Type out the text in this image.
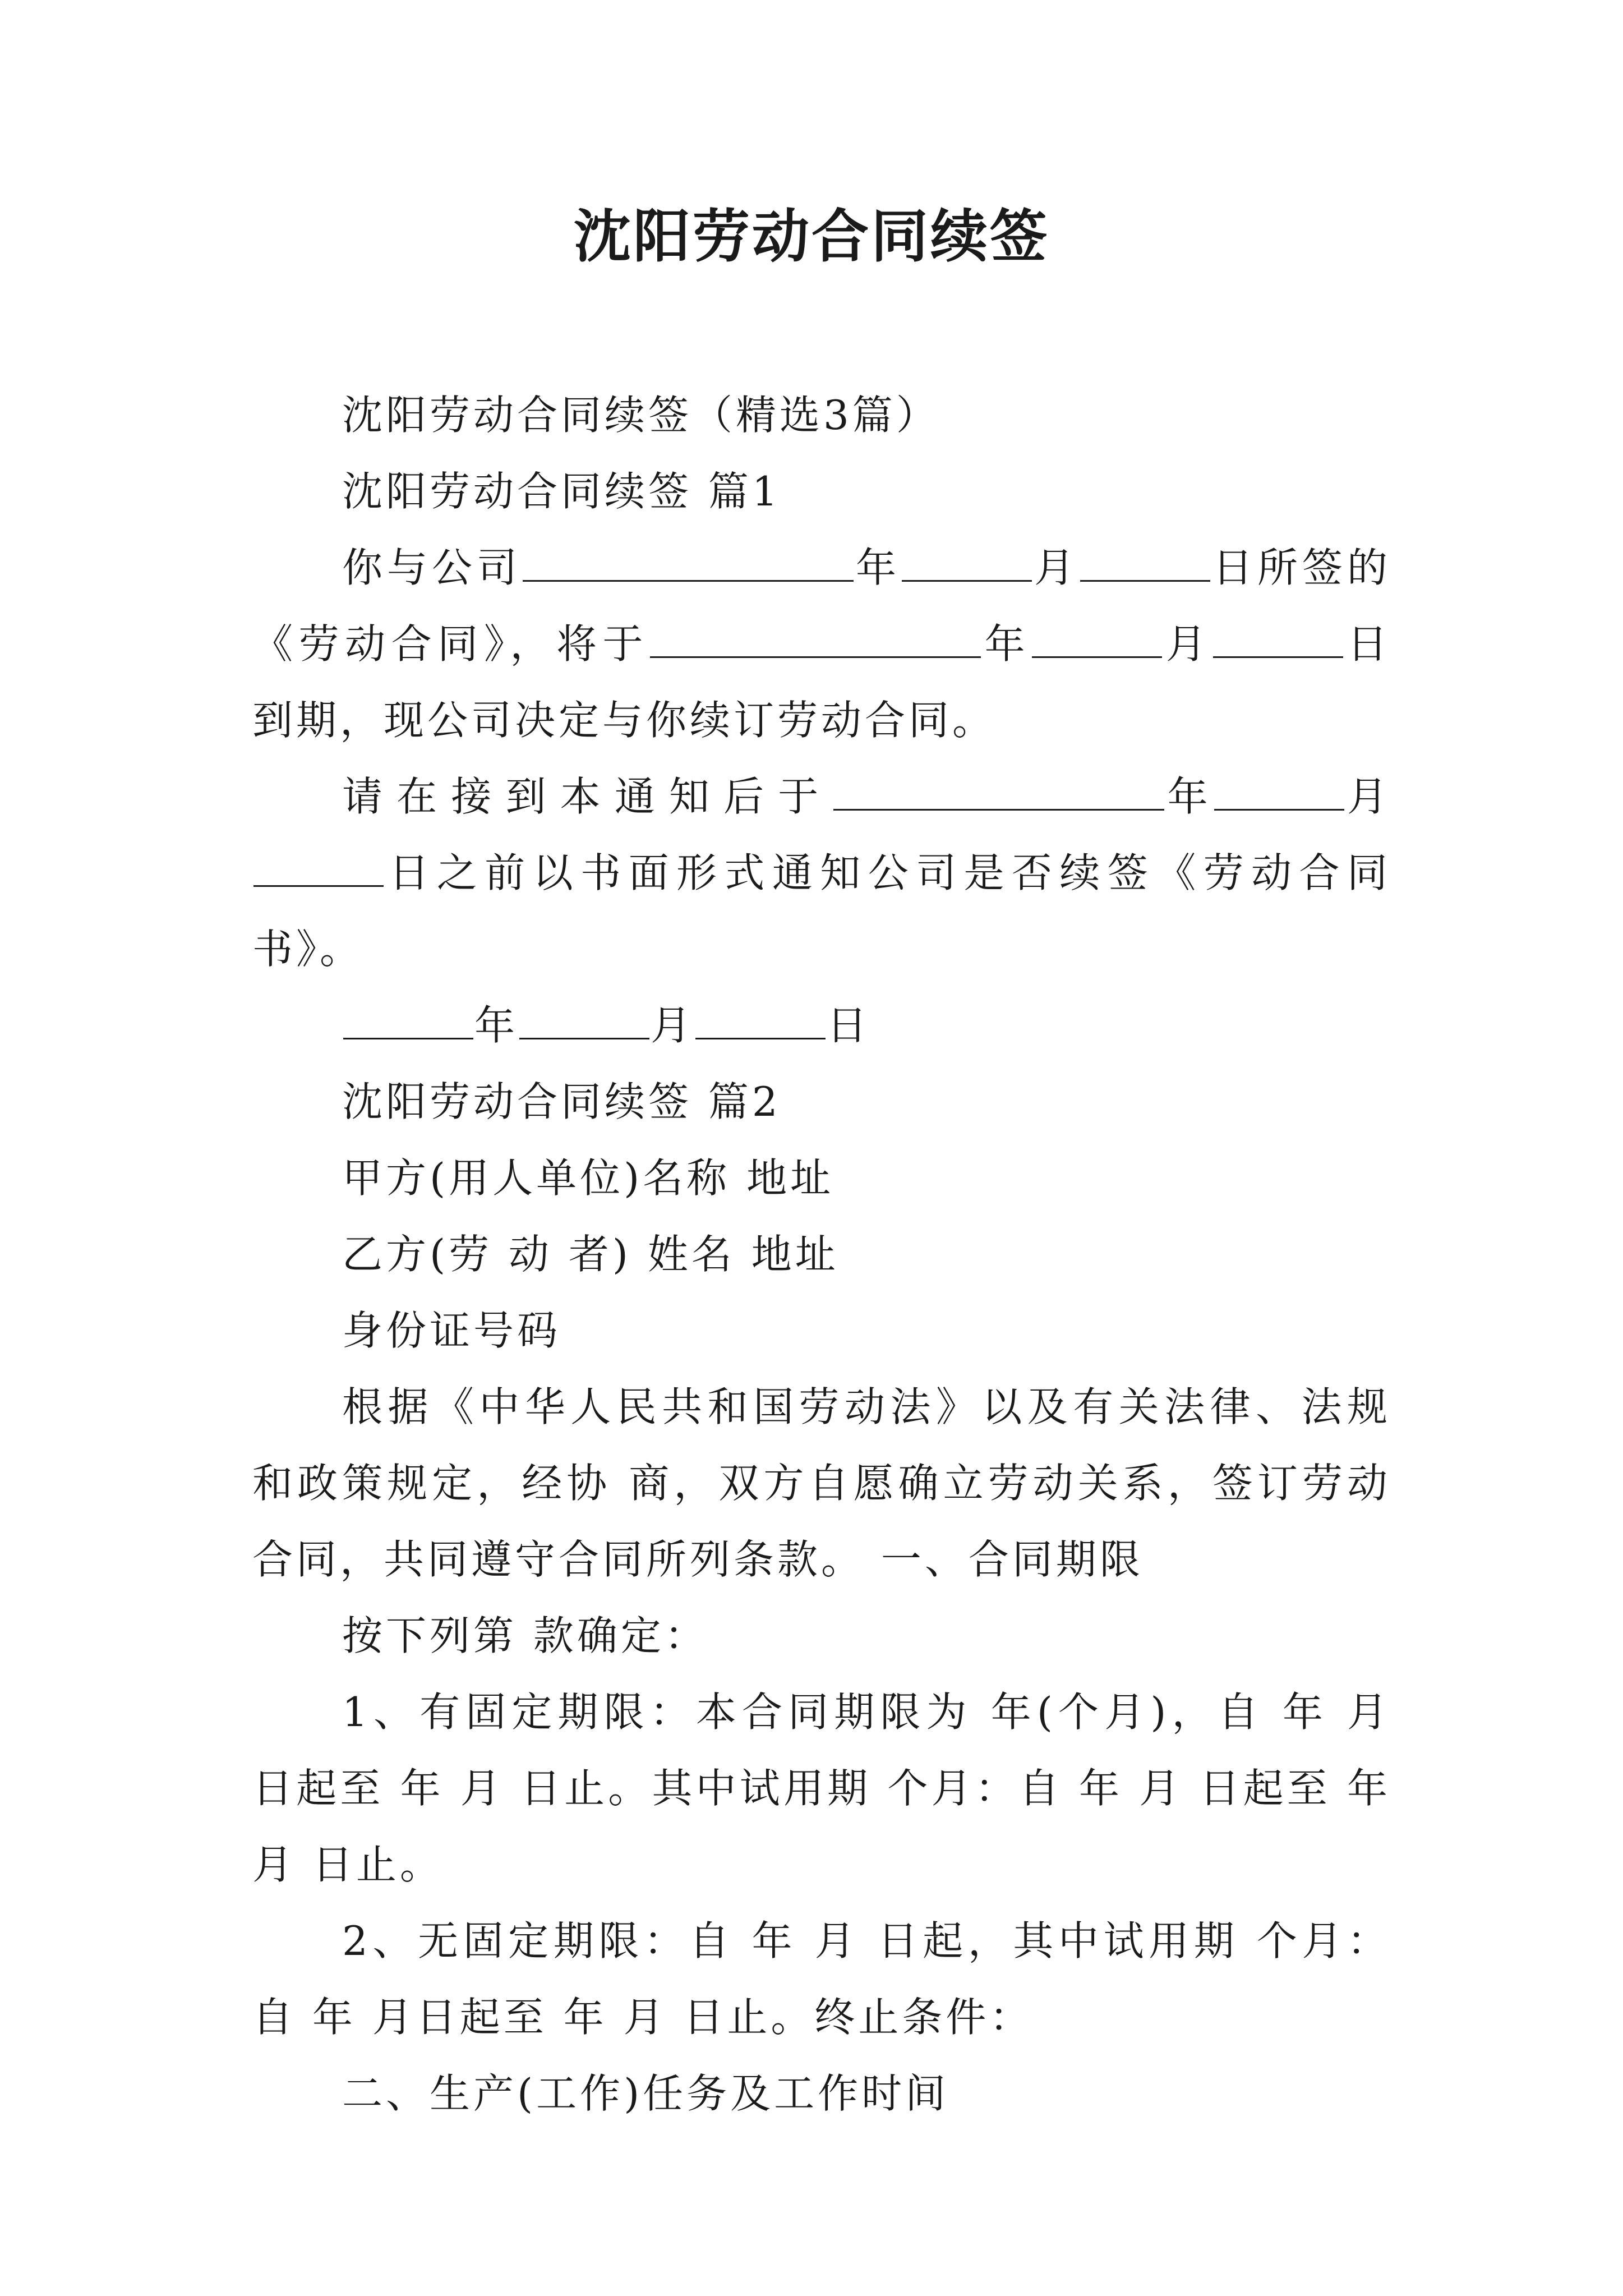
沈阳劳动合同续签

沈阳劳动合同续签（精选3篇）

沈阳劳动合同续签 篇1

你与公司	年	月	日所签的《劳动合同》，将于	年	月	日到期，现公司决定与你续订劳动合同。

请在接到本通知后于	年	月日之前以书面形式通知公司是否续签《劳动合同书》。

年	月	日

沈阳劳动合同续签 篇2

甲方(用人单位)名称 地址

乙方(劳 动 者) 姓名 地址

身份证号码

根据《中华人民共和国劳动法》以及有关法律、法规和政策规定，经协 商，双方自愿确立劳动关系，签订劳动合同，共同遵守合同所列条款。 一、合同期限

按下列第 款确定：

1、有固定期限：本合同期限为 年(个月)，自 年 月 日起至 年 月 日止。其中试用期 个月：自 年 月 日起至 年 月 日止。

2、无固定期限：自 年 月 日起，其中试用期 个月：自 年 月日起至 年 月 日止。终止条件：

二、生产(工作)任务及工作时间
